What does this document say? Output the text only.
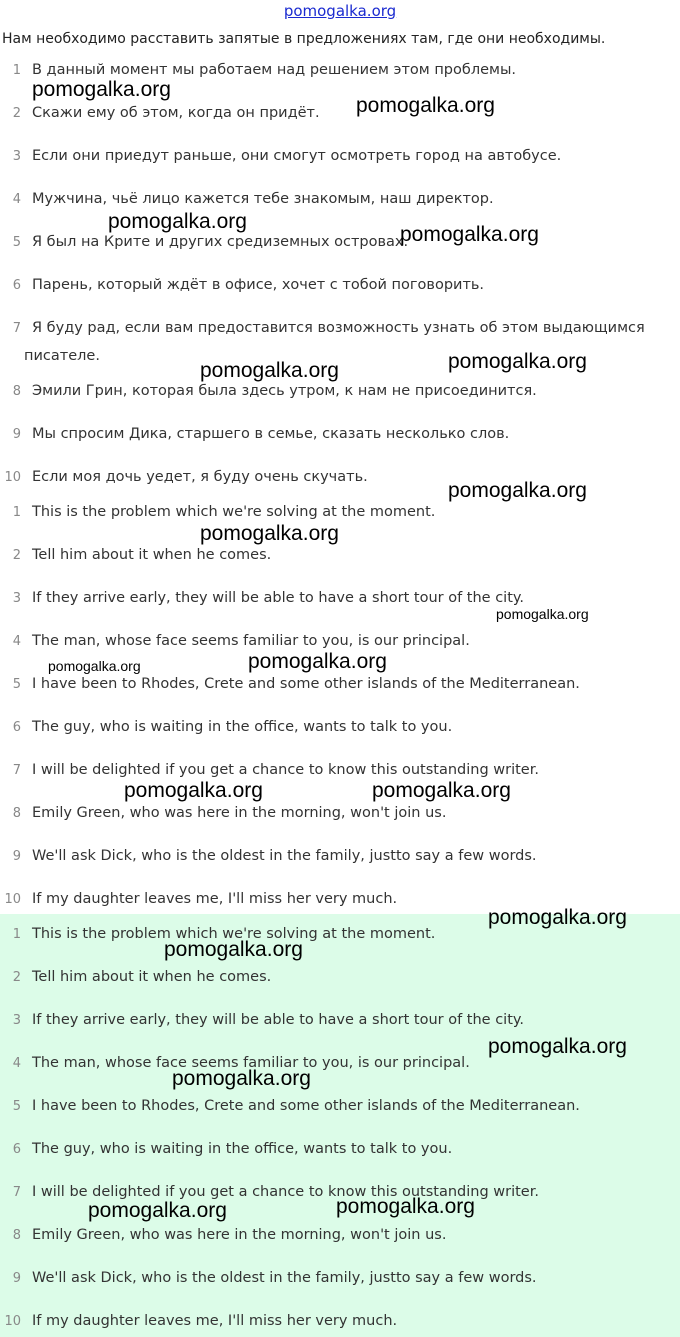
pomogalka.org
Нам необходимо расставить запятые в предложениях там, где они необходимы.
1 В данный момент мы работаем над решением этом проблемы.
2 Скажи ему об этом, когда он придёт.
3 Если они приедут раньше, они смогут осмотреть город на автобусе.
4 Мужчина, чьё лицо кажется тебе знакомым, наш директор.
5 Я был на Крите и других средиземных островах.
6 Парень, который ждёт в офисе, хочет с тобой поговорить.
7 Я буду рад, если вам предоставится возможность узнать об этом выдающимся
писателе.
8 Эмили Грин, которая была здесь утром, к нам не присоединится.
9 Мы спросим Дика, старшего в семье, сказать несколько слов.
10 Если моя дочь уедет, я буду очень скучать.
1 This is the problem which we're solving at the moment.
2 Tell him about it when he comes.
3 If they arrive early, they will be able to have a short tour of the city.
4 The man, whose face seems familiar to you, is our principal.
5 I have been to Rhodes, Crete and some other islands of the Mediterranean.
6 The guy, who is waiting in the office, wants to talk to you.
7 I will be delighted if you get a chance to know this outstanding writer.
8 Emily Green, who was here in the morning, won't join us.
9 We'll ask Dick, who is the oldest in the family, justto say a few words.
10 If my daughter leaves me, I'll miss her very much.
1 This is the problem which we're solving at the moment.
2 Tell him about it when he comes.
3 If they arrive early, they will be able to have a short tour of the city.
4 The man, whose face seems familiar to you, is our principal.
5 I have been to Rhodes, Crete and some other islands of the Mediterranean.
6 The guy, who is waiting in the office, wants to talk to you.
7 I will be delighted if you get a chance to know this outstanding writer.
8 Emily Green, who was here in the morning, won't join us.
9 We'll ask Dick, who is the oldest in the family, justto say a few words.
10 If my daughter leaves me, I'll miss her very much.
pomogalka.org
pomogalka.org
pomogalka.org
pomogalka.org
pomogalka.org
pomogalka.org
pomogalka.org
pomogalka.org
pomogalka.org
pomogalka.org	pomogalka.org
pomogalka.org	pomogalka.org
pomogalka.org
pomogalka.org
pomogalka.org
pomogalka.org
pomogalka.org
pomogalka.org
